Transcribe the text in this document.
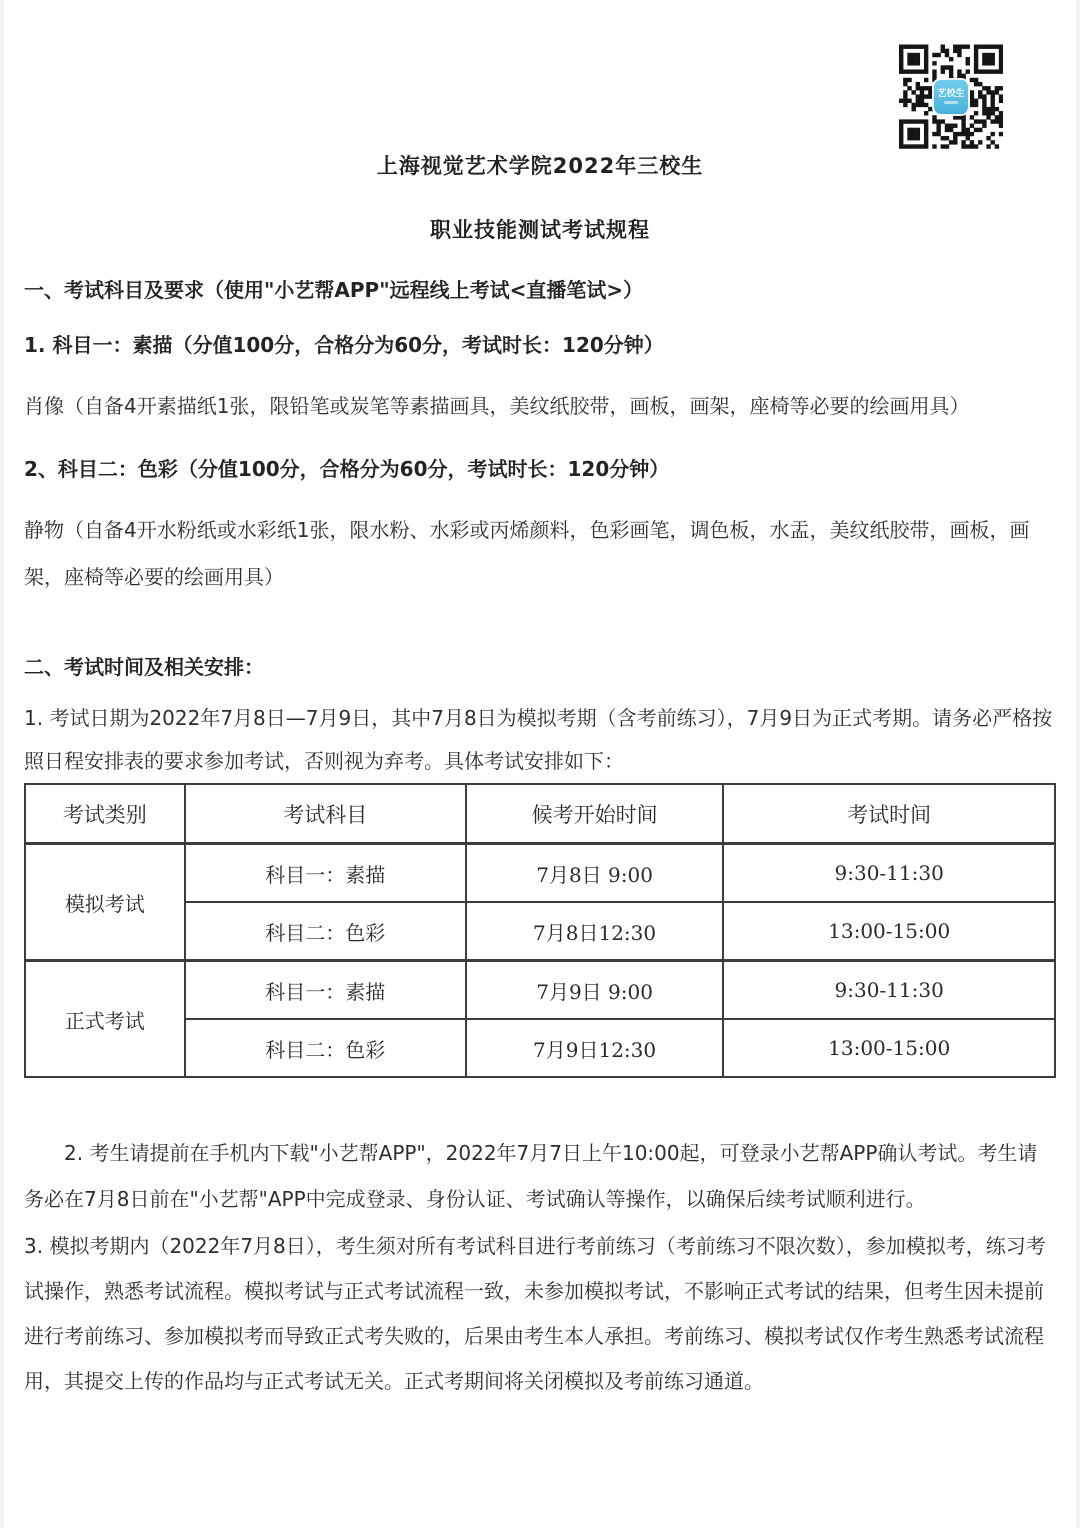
艺校生

上海视觉艺术学院2022年三校生

职业技能测试考试规程

一、考试科目及要求（使用"小艺帮APP"远程线上考试<直播笔试>）

1. 科目一：素描（分值100分，合格分为60分，考试时长：120分钟）

肖像（自备4开素描纸1张，限铅笔或炭笔等素描画具，美纹纸胶带，画板，画架，座椅等必要的绘画用具）

2、科目二：色彩（分值100分，合格分为60分，考试时长：120分钟）

静物（自备4开水粉纸或水彩纸1张，限水粉、水彩或丙烯颜料，色彩画笔，调色板，水盂，美纹纸胶带，画板，画架，座椅等必要的绘画用具）

二、考试时间及相关安排：

1. 考试日期为2022年7月8日—7月9日，其中7月8日为模拟考期（含考前练习），7月9日为正式考期。请务必严格按照日程安排表的要求参加考试，否则视为弃考。具体考试安排如下：

考试类别	考试科目	候考开始时间	考试时间
模拟考试	科目一：素描	7月8日 9:00	9:30-11:30
	科目二：色彩	7月8日12:30	13:00-15:00
正式考试	科目一：素描	7月9日 9:00	9:30-11:30
	科目二：色彩	7月9日12:30	13:00-15:00

2. 考生请提前在手机内下载"小艺帮APP"，2022年7月7日上午10:00起，可登录小艺帮APP确认考试。考生请务必在7月8日前在"小艺帮"APP中完成登录、身份认证、考试确认等操作，以确保后续考试顺利进行。

3. 模拟考期内（2022年7月8日），考生须对所有考试科目进行考前练习（考前练习不限次数），参加模拟考，练习考试操作，熟悉考试流程。模拟考试与正式考试流程一致，未参加模拟考试，不影响正式考试的结果，但考生因未提前进行考前练习、参加模拟考而导致正式考失败的，后果由考生本人承担。考前练习、模拟考试仅作考生熟悉考试流程用，其提交上传的作品均与正式考试无关。正式考期间将关闭模拟及考前练习通道。
